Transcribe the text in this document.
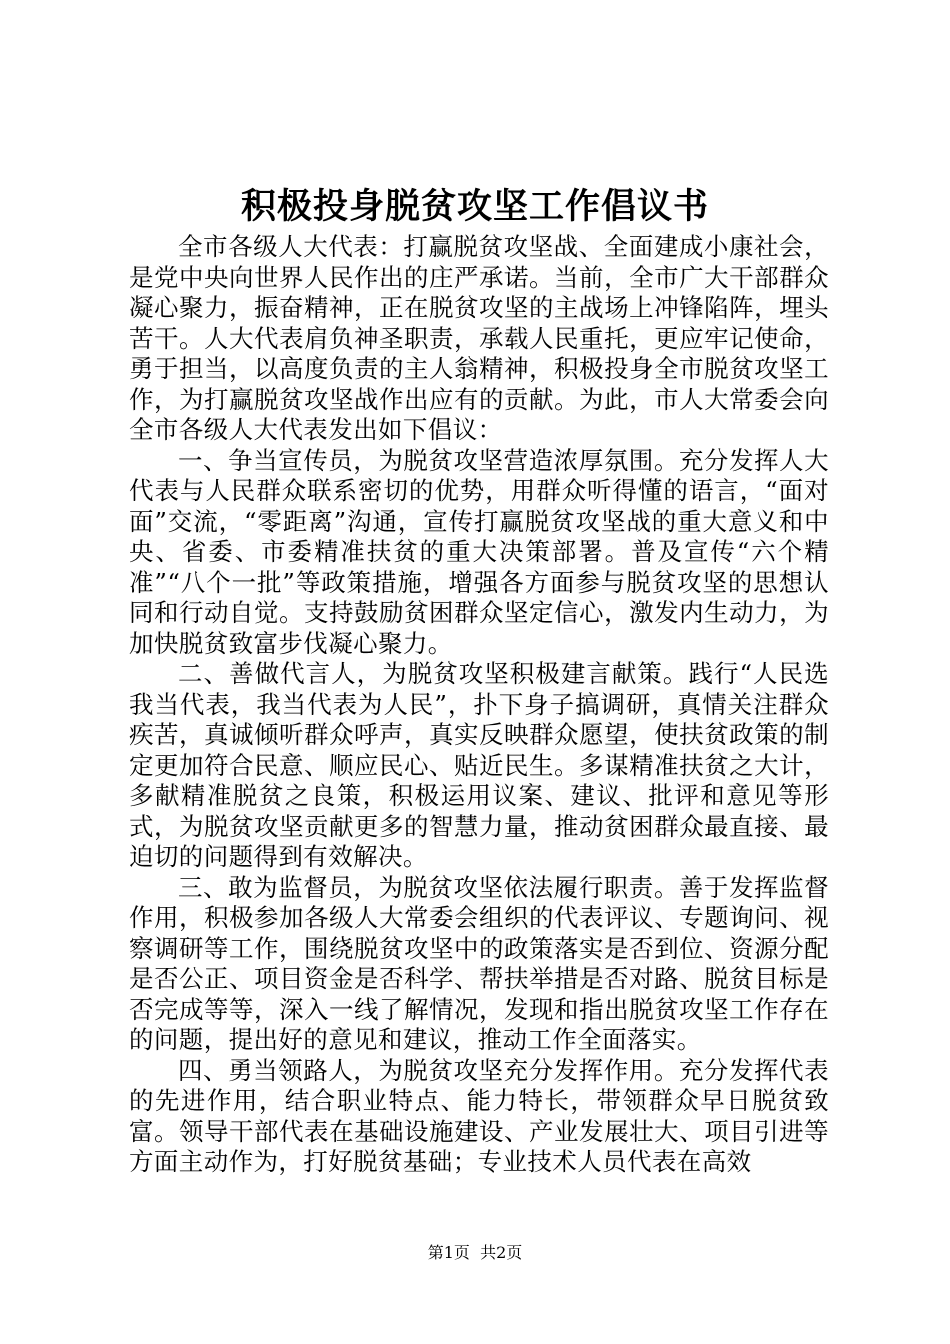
积极投身脱贫攻坚工作倡议书

全市各级人大代表：打赢脱贫攻坚战、全面建成小康社会，是党中央向世界人民作出的庄严承诺。当前，全市广大干部群众凝心聚力，振奋精神，正在脱贫攻坚的主战场上冲锋陷阵，埋头苦干。人大代表肩负神圣职责，承载人民重托，更应牢记使命，勇于担当，以高度负责的主人翁精神，积极投身全市脱贫攻坚工作，为打赢脱贫攻坚战作出应有的贡献。为此，市人大常委会向全市各级人大代表发出如下倡议：

一、争当宣传员，为脱贫攻坚营造浓厚氛围。充分发挥人大代表与人民群众联系密切的优势，用群众听得懂的语言，“面对面”交流，“零距离”沟通，宣传打赢脱贫攻坚战的重大意义和中央、省委、市委精准扶贫的重大决策部署。普及宣传“六个精准”“八个一批”等政策措施，增强各方面参与脱贫攻坚的思想认同和行动自觉。支持鼓励贫困群众坚定信心，激发内生动力，为加快脱贫致富步伐凝心聚力。

二、善做代言人，为脱贫攻坚积极建言献策。践行“人民选我当代表，我当代表为人民”，扑下身子搞调研，真情关注群众疾苦，真诚倾听群众呼声，真实反映群众愿望，使扶贫政策的制定更加符合民意、顺应民心、贴近民生。多谋精准扶贫之大计，多献精准脱贫之良策，积极运用议案、建议、批评和意见等形式，为脱贫攻坚贡献更多的智慧力量，推动贫困群众最直接、最迫切的问题得到有效解决。

三、敢为监督员，为脱贫攻坚依法履行职责。善于发挥监督作用，积极参加各级人大常委会组织的代表评议、专题询问、视察调研等工作，围绕脱贫攻坚中的政策落实是否到位、资源分配是否公正、项目资金是否科学、帮扶举措是否对路、脱贫目标是否完成等等，深入一线了解情况，发现和指出脱贫攻坚工作存在的问题，提出好的意见和建议，推动工作全面落实。

四、勇当领路人，为脱贫攻坚充分发挥作用。充分发挥代表的先进作用，结合职业特点、能力特长，带领群众早日脱贫致富。领导干部代表在基础设施建设、产业发展壮大、项目引进等方面主动作为，打好脱贫基础；专业技术人员代表在高效

第1页 共2页
